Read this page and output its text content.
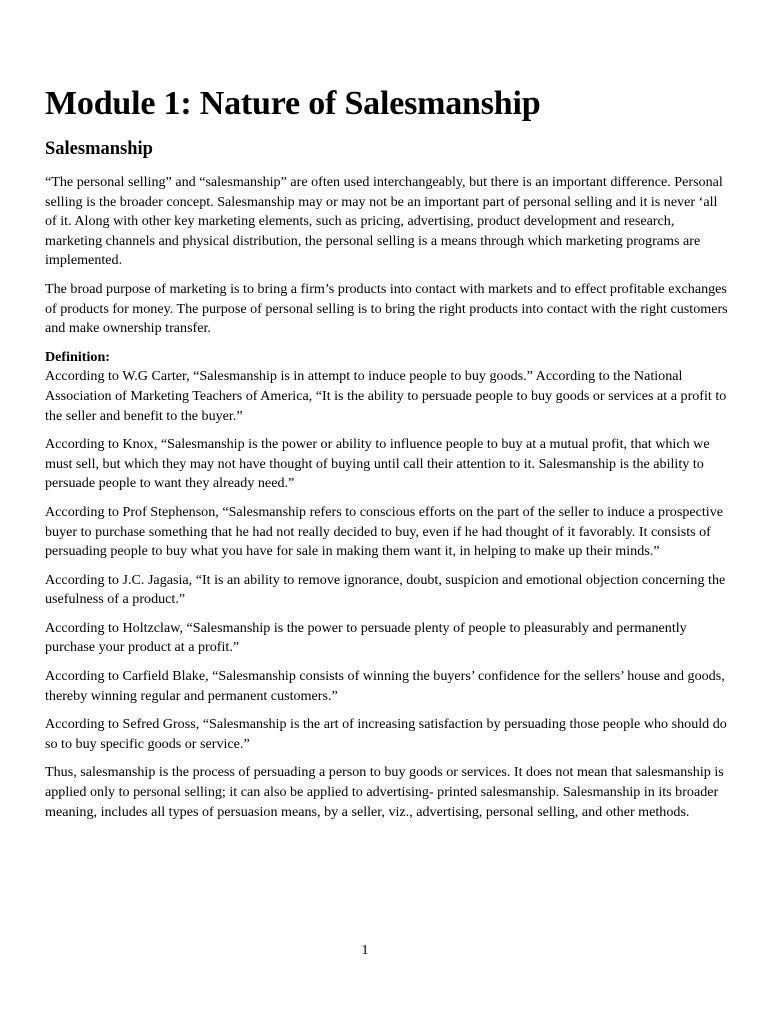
Module 1: Nature of Salesmanship
Salesmanship

“The personal selling” and “salesmanship” are often used interchangeably, but there is an important difference. Personal selling is the broader concept. Salesmanship may or may not be an important part of personal selling and it is never ‘all of it. Along with other key marketing elements, such as pricing, advertising, product development and research, marketing channels and physical distribution, the personal selling is a means through which marketing programs are implemented.

The broad purpose of marketing is to bring a firm’s products into contact with markets and to effect profitable exchanges of products for money. The purpose of personal selling is to bring the right products into contact with the right customers and make ownership transfer.

Definition:

According to W.G Carter, “Salesmanship is in attempt to induce people to buy goods.” According to the National Association of Marketing Teachers of America, “It is the ability to persuade people to buy goods or services at a profit to the seller and benefit to the buyer.”

According to Knox, “Salesmanship is the power or ability to influence people to buy at a mutual profit, that which we must sell, but which they may not have thought of buying until call their attention to it. Salesmanship is the ability to persuade people to want they already need.”

According to Prof Stephenson, “Salesmanship refers to conscious efforts on the part of the seller to induce a prospective buyer to purchase something that he had not really decided to buy, even if he had thought of it favorably. It consists of persuading people to buy what you have for sale in making them want it, in helping to make up their minds.”

According to J.C. Jagasia, “It is an ability to remove ignorance, doubt, suspicion and emotional objection concerning the usefulness of a product.”

According to Holtzclaw, “Salesmanship is the power to persuade plenty of people to pleasurably and permanently purchase your product at a profit.”

According to Carfield Blake, “Salesmanship consists of winning the buyers’ confidence for the sellers’ house and goods, thereby winning regular and permanent customers.”

According to Sefred Gross, “Salesmanship is the art of increasing satisfaction by persuading those people who should do so to buy specific goods or service.”

Thus, salesmanship is the process of persuading a person to buy goods or services. It does not mean that salesmanship is applied only to personal selling; it can also be applied to advertising- printed salesmanship. Salesmanship in its broader meaning, includes all types of persuasion means, by a seller, viz., advertising, personal selling, and other methods.

1
